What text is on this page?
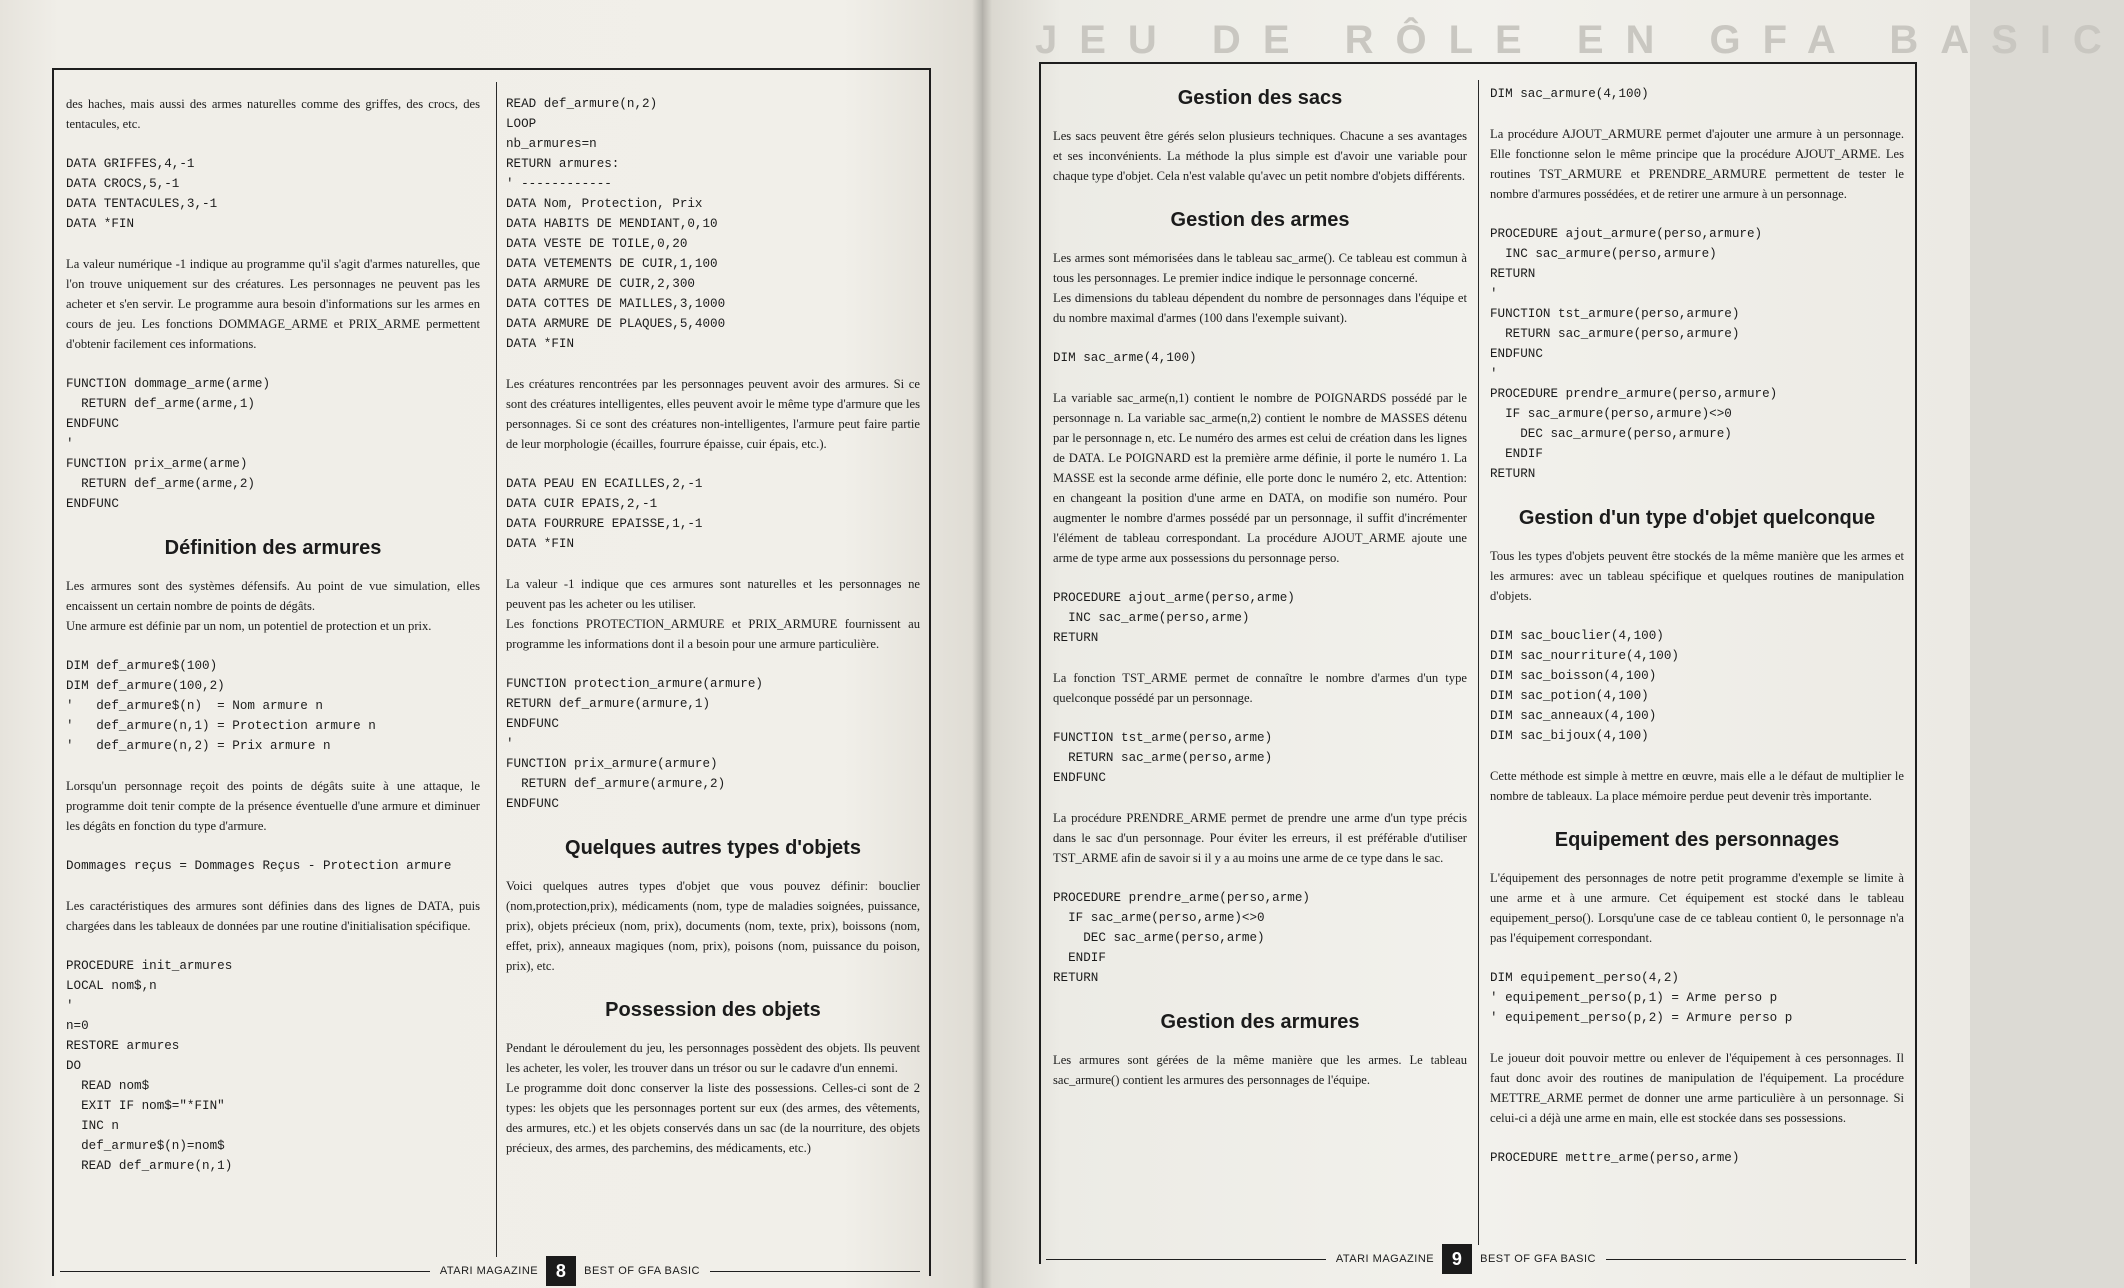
JEU DE RÔLE EN GFA BASIC

des haches, mais aussi des armes naturelles comme des griffes, des crocs, des tentacules, etc.

DATA GRIFFES,4,-1
DATA CROCS,5,-1
DATA TENTACULES,3,-1
DATA *FIN

La valeur numérique -1 indique au programme qu'il s'agit d'armes naturelles, que l'on trouve uniquement sur des créatures. Les personnages ne peuvent pas les acheter et s'en servir. Le programme aura besoin d'informations sur les armes en cours de jeu. Les fonctions DOMMAGE_ARME et PRIX_ARME permettent d'obtenir facilement ces informations.

FUNCTION dommage_arme(arme)
RETURN def_arme(arme,1)
ENDFUNC
'
FUNCTION prix_arme(arme)
RETURN def_arme(arme,2)
ENDFUNC
Définition des armures

Les armures sont des systèmes défensifs. Au point de vue simulation, elles encaissent un certain nombre de points de dégâts.
Une armure est définie par un nom, un potentiel de protection et un prix.

DIM def_armure$(100)
DIM def_armure(100,2)
'   def_armure$(n)  = Nom armure n
'   def_armure(n,1) = Protection armure n
'   def_armure(n,2) = Prix armure n

Lorsqu'un personnage reçoit des points de dégâts suite à une attaque, le programme doit tenir compte de la présence éventuelle d'une armure et diminuer les dégâts en fonction du type d'armure.

Dommages reçus = Dommages Reçus - Protection armure

Les caractéristiques des armures sont définies dans des lignes de DATA, puis chargées dans les tableaux de données par une routine d'initialisation spécifique.

PROCEDURE init_armures
LOCAL nom$,n
'
n=0
RESTORE armures
DO
READ nom$
EXIT IF nom$="*FIN"
INC n
def_armure$(n)=nom$
READ def_armure(n,1)
READ def_armure(n,2)
LOOP
nb_armures=n
RETURN armures:
' ------------
DATA Nom, Protection, Prix
DATA HABITS DE MENDIANT,0,10
DATA VESTE DE TOILE,0,20
DATA VETEMENTS DE CUIR,1,100
DATA ARMURE DE CUIR,2,300
DATA COTTES DE MAILLES,3,1000
DATA ARMURE DE PLAQUES,5,4000
DATA *FIN

Les créatures rencontrées par les personnages peuvent avoir des armures. Si ce sont des créatures intelligentes, elles peuvent avoir le même type d'armure que les personnages. Si ce sont des créatures non-intelligentes, l'armure peut faire partie de leur morphologie (écailles, fourrure épaisse, cuir épais, etc.).

DATA PEAU EN ECAILLES,2,-1
DATA CUIR EPAIS,2,-1
DATA FOURRURE EPAISSE,1,-1
DATA *FIN

La valeur -1 indique que ces armures sont naturelles et les personnages ne peuvent pas les acheter ou les utiliser.
Les fonctions PROTECTION_ARMURE et PRIX_ARMURE fournissent au programme les informations dont il a besoin pour une armure particulière.

FUNCTION protection_armure(armure)
RETURN def_armure(armure,1)
ENDFUNC
'
FUNCTION prix_armure(armure)
RETURN def_armure(armure,2)
ENDFUNC
Quelques autres types d'objets

Voici quelques autres types d'objet que vous pouvez définir: bouclier (nom,protection,prix), médicaments (nom, type de maladies soignées, puissance, prix), objets précieux (nom, prix), documents (nom, texte, prix), boissons (nom, effet, prix), anneaux magiques (nom, prix), poisons (nom, puissance du poison, prix), etc.

Possession des objets

Pendant le déroulement du jeu, les personnages possèdent des objets. Ils peuvent les acheter, les voler, les trouver dans un trésor ou sur le cadavre d'un ennemi.
Le programme doit donc conserver la liste des possessions. Celles-ci sont de 2 types: les objets que les personnages portent sur eux (des armes, des vêtements, des armures, etc.) et les objets conservés dans un sac (de la nourriture, des objets précieux, des armes, des parchemins, des médicaments, etc.)

Gestion des sacs

Les sacs peuvent être gérés selon plusieurs techniques. Chacune a ses avantages et ses inconvénients. La méthode la plus simple est d'avoir une variable pour chaque type d'objet. Cela n'est valable qu'avec un petit nombre d'objets différents.

Gestion des armes

Les armes sont mémorisées dans le tableau sac_arme(). Ce tableau est commun à tous les personnages. Le premier indice indique le personnage concerné.
Les dimensions du tableau dépendent du nombre de personnages dans l'équipe et du nombre maximal d'armes (100 dans l'exemple suivant).

DIM sac_arme(4,100)

La variable sac_arme(n,1) contient le nombre de POIGNARDS possédé par le personnage n. La variable sac_arme(n,2) contient le nombre de MASSES détenu par le personnage n, etc. Le numéro des armes est celui de création dans les lignes de DATA. Le POIGNARD est la première arme définie, il porte le numéro 1. La MASSE est la seconde arme définie, elle porte donc le numéro 2, etc. Attention: en changeant la position d'une arme en DATA, on modifie son numéro. Pour augmenter le nombre d'armes possédé par un personnage, il suffit d'incrémenter l'élément de tableau correspondant. La procédure AJOUT_ARME ajoute une arme de type arme aux possessions du personnage perso.

PROCEDURE ajout_arme(perso,arme)
INC sac_arme(perso,arme)
RETURN

La fonction TST_ARME permet de connaître le nombre d'armes d'un type quelconque possédé par un personnage.

FUNCTION tst_arme(perso,arme)
RETURN sac_arme(perso,arme)
ENDFUNC

La procédure PRENDRE_ARME permet de prendre une arme d'un type précis dans le sac d'un personnage. Pour éviter les erreurs, il est préférable d'utiliser TST_ARME afin de savoir si il y a au moins une arme de ce type dans le sac.

PROCEDURE prendre_arme(perso,arme)
IF sac_arme(perso,arme)<>0
DEC sac_arme(perso,arme)
ENDIF
RETURN
Gestion des armures

Les armures sont gérées de la même manière que les armes. Le tableau sac_armure() contient les armures des personnages de l'équipe.

DIM sac_armure(4,100)

La procédure AJOUT_ARMURE permet d'ajouter une armure à un personnage. Elle fonctionne selon le même principe que la procédure AJOUT_ARME. Les routines TST_ARMURE et PRENDRE_ARMURE permettent de tester le nombre d'armures possédées, et de retirer une armure à un personnage.

PROCEDURE ajout_armure(perso,armure)
INC sac_armure(perso,armure)
RETURN
'
FUNCTION tst_armure(perso,armure)
RETURN sac_armure(perso,armure)
ENDFUNC
'
PROCEDURE prendre_armure(perso,armure)
IF sac_armure(perso,armure)<>0
DEC sac_armure(perso,armure)
ENDIF
RETURN
Gestion d'un type d'objet quelconque

Tous les types d'objets peuvent être stockés de la même manière que les armes et les armures: avec un tableau spécifique et quelques routines de manipulation d'objets.

DIM sac_bouclier(4,100)
DIM sac_nourriture(4,100)
DIM sac_boisson(4,100)
DIM sac_potion(4,100)
DIM sac_anneaux(4,100)
DIM sac_bijoux(4,100)

Cette méthode est simple à mettre en œuvre, mais elle a le défaut de multiplier le nombre de tableaux. La place mémoire perdue peut devenir très importante.

Equipement des personnages

L'équipement des personnages de notre petit programme d'exemple se limite à une arme et à une armure. Cet équipement est stocké dans le tableau equipement_perso(). Lorsqu'une case de ce tableau contient 0, le personnage n'a pas l'équipement correspondant.

DIM equipement_perso(4,2)
' equipement_perso(p,1) = Arme perso p
' equipement_perso(p,2) = Armure perso p

Le joueur doit pouvoir mettre ou enlever de l'équipement à ces personnages. Il faut donc avoir des routines de manipulation de l'équipement. La procédure METTRE_ARME permet de donner une arme particulière à un personnage. Si celui-ci a déjà une arme en main, elle est stockée dans ses possessions.

PROCEDURE mettre_arme(perso,arme)
ATARI MAGAZINE 8	BEST OF GFA BASIC
ATARI MAGAZINE 9	BEST OF GFA BASIC
